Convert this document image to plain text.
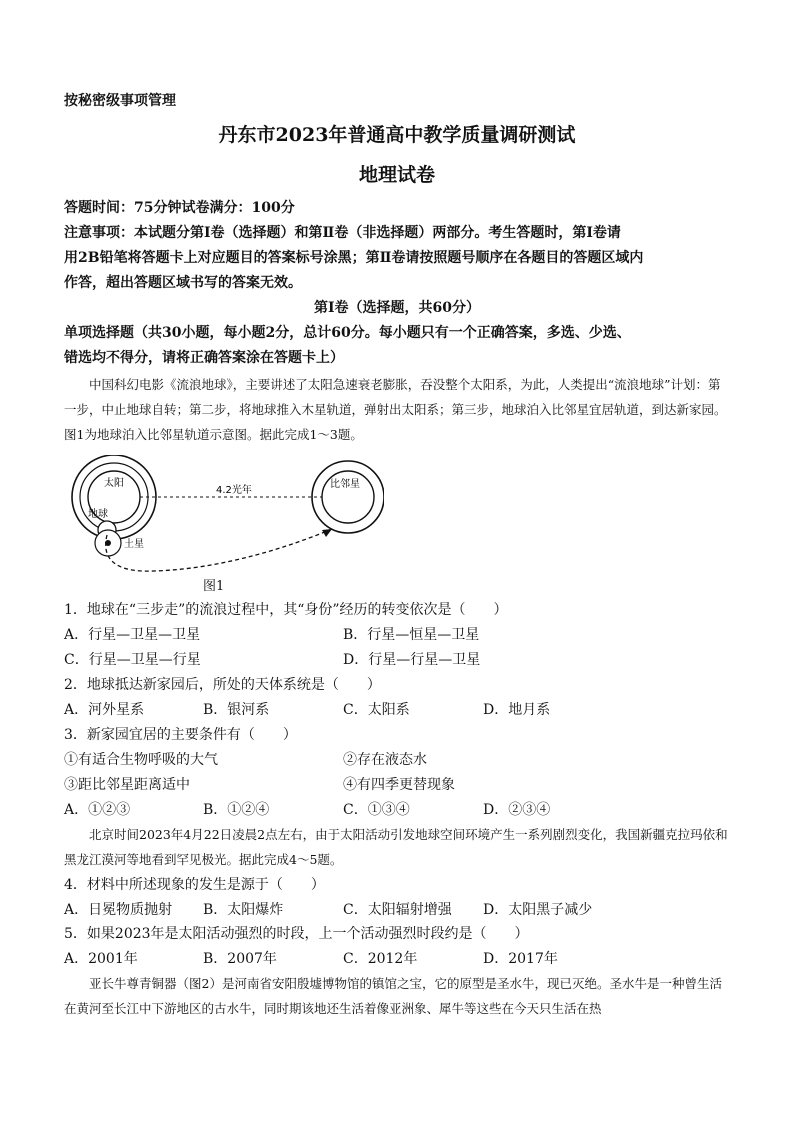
按秘密级事项管理
丹东市2023年普通高中教学质量调研测试
地理试卷
答题时间：75分钟试卷满分：100分
注意事项：本试题分第Ⅰ卷（选择题）和第Ⅱ卷（非选择题）两部分。考生答题时，第Ⅰ卷请
用2B铅笔将答题卡上对应题目的答案标号涂黑；第Ⅱ卷请按照题号顺序在各题目的答题区域内
作答，超出答题区域书写的答案无效。
第Ⅰ卷（选择题，共60分）
单项选择题（共30小题，每小题2分，总计60分。每小题只有一个正确答案，多选、少选、
错选均不得分，请将正确答案涂在答题卡上）
中国科幻电影《流浪地球》，主要讲述了太阳急速衰老膨胀，吞没整个太阳系，为此，人类提出“流浪地球”计划：第一步，中止地球自转；第二步，将地球推入木星轨道，弹射出太阳系；第三步，地球泊入比邻星宜居轨道，到达新家园。图1为地球泊入比邻星轨道示意图。据此完成1～3题。
太阳
地球
土星
比邻星
4.2光年
图1
1．地球在“三步走”的流浪过程中，其“身份”经历的转变依次是（　　）
A．行星—卫星—卫星	B．行星—恒星—卫星
C．行星—卫星—行星	D．行星—行星—卫星
2．地球抵达新家园后，所处的天体系统是（　　）
A．河外星系	B．银河系	C．太阳系	D．地月系
3．新家园宜居的主要条件有（　　）
①有适合生物呼吸的大气	②存在液态水
③距比邻星距离适中	④有四季更替现象
A．①②③	B．①②④	C．①③④	D．②③④
北京时间2023年4月22日凌晨2点左右，由于太阳活动引发地球空间环境产生一系列剧烈变化，我国新疆克拉玛依和黑龙江漠河等地看到罕见极光。据此完成4～5题。
4．材料中所述现象的发生是源于（　　）
A．日冕物质抛射 B．太阳爆炸	C．太阳辐射增强 D．太阳黑子减少
5．如果2023年是太阳活动强烈的时段，上一个活动强烈时段约是（　　）
A．2001年	B．2007年	C．2012年	D．2017年
亚长牛尊青铜器（图2）是河南省安阳殷墟博物馆的镇馆之宝，它的原型是圣水牛，现已灭绝。圣水牛是一种曾生活在黄河至长江中下游地区的古水牛，同时期该地还生活着像亚洲象、犀牛等这些在今天只生活在热
